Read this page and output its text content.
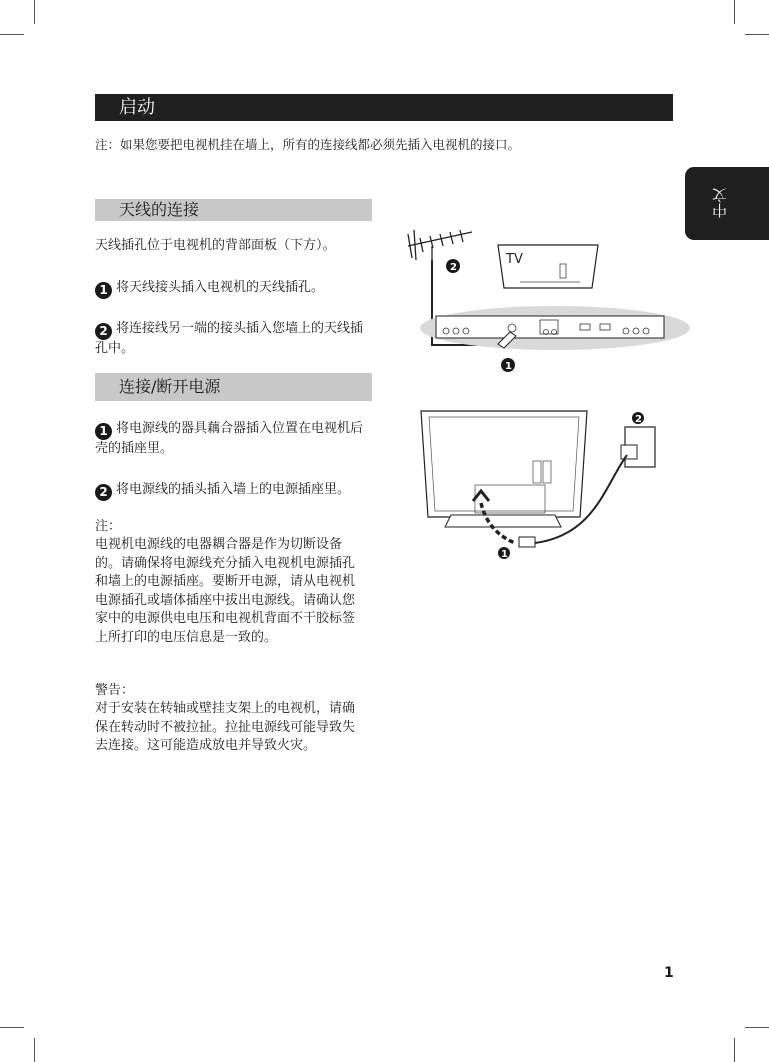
启动
注：如果您要把电视机挂在墙上，所有的连接线都必须先插入电视机的接口。
中文
天线的连接

天线插孔位于电视机的背部面板（下方）。

1 将天线接头插入电视机的天线插孔。

2 将连接线另一端的接头插入您墙上的天线插孔中。

连接/断开电源

1 将电源线的器具藕合器插入位置在电视机后壳的插座里。

2 将电源线的插头插入墙上的电源插座里。

注：

电视机电源线的电器耦合器是作为切断设备的。请确保将电源线充分插入电视机电源插孔和墙上的电源插座。要断开电源，请从电视机电源插孔或墙体插座中拔出电源线。请确认您家中的电源供电电压和电视机背面不干胶标签上所打印的电压信息是一致的。

警告：

对于安装在转轴或壁挂支架上的电视机，请确保在转动时不被拉扯。拉扯电源线可能导致失去连接。这可能造成放电并导致火灾。

TV
2
1
2
1
1
